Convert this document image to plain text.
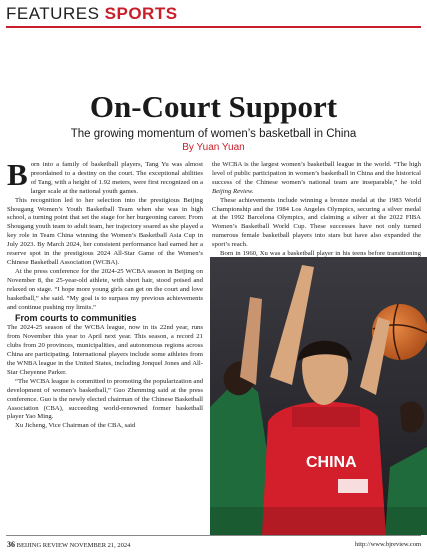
FEATURES SPORTS
On-Court Support
The growing momentum of women’s basketball in China
By Yuan Yuan

Born into a family of basketball players, Tang Yu was almost preordained to a destiny on the court. The exceptional abilities of Tang, with a height of 1.92 meters, were first recognized on a larger scale at the national youth games.

This recognition led to her selection into the prestigious Beijing Shougang Women’s Youth Basketball Team when she was in high school, a turning point that set the stage for her burgeoning career. From Shougang youth team to adult team, her trajectory soared as she played a key role in Team China winning the Women’s Basketball Asia Cup in July 2023. By March 2024, her consistent performance had earned her a reserve spot in the prestigious 2024 All-Star Game of the Women’s Chinese Basketball Association (WCBA).

At the press conference for the 2024-25 WCBA season in Beijing on November 8, the 25-year-old athlete, with short hair, stood poised and relaxed on stage. “I hope more young girls can get on the court and love basketball,” she said. “My goal is to surpass my previous achievements and continue pushing my limits.”

From courts to communities

The 2024-25 season of the WCBA league, now in its 22nd year, runs from November this year to April next year. This season, a record 21 clubs from 20 provinces, municipalities, and autonomous regions across China are participating. International players include some athletes from the WNBA league in the United States, including Jonquel Jones and All-Star Cheyenne Parker.

“The WCBA league is committed to promoting the popularization and development of women’s basketball,” Guo Zhenming said at the press conference. Guo is the newly elected chairman of the Chinese Basketball Association (CBA), succeeding world-renowned former basketball player Yao Ming.

Xu Jicheng, Vice Chairman of the CBA, said

the WCBA is the largest women’s basketball league in the world. “The high level of public participation in women’s basketball in China and the historical success of the Chinese women’s national team are inseparable,” he told Beijing Review.

These achievements include winning a bronze medal at the 1983 World Championship and the 1984 Los Angeles Olympics, securing a silver medal at the 1992 Barcelona Olympics, and claiming a silver at the 2022 FIBA Women’s Basketball World Cup. These successes have not only turned numerous female basketball players into stars but have also expanded the sport’s reach.

Born in 1960, Xu was a basketball player in his teens before transitioning

CHINA
36 BEIJING REVIEW NOVEMBER 21, 2024	http://www.bjreview.com
